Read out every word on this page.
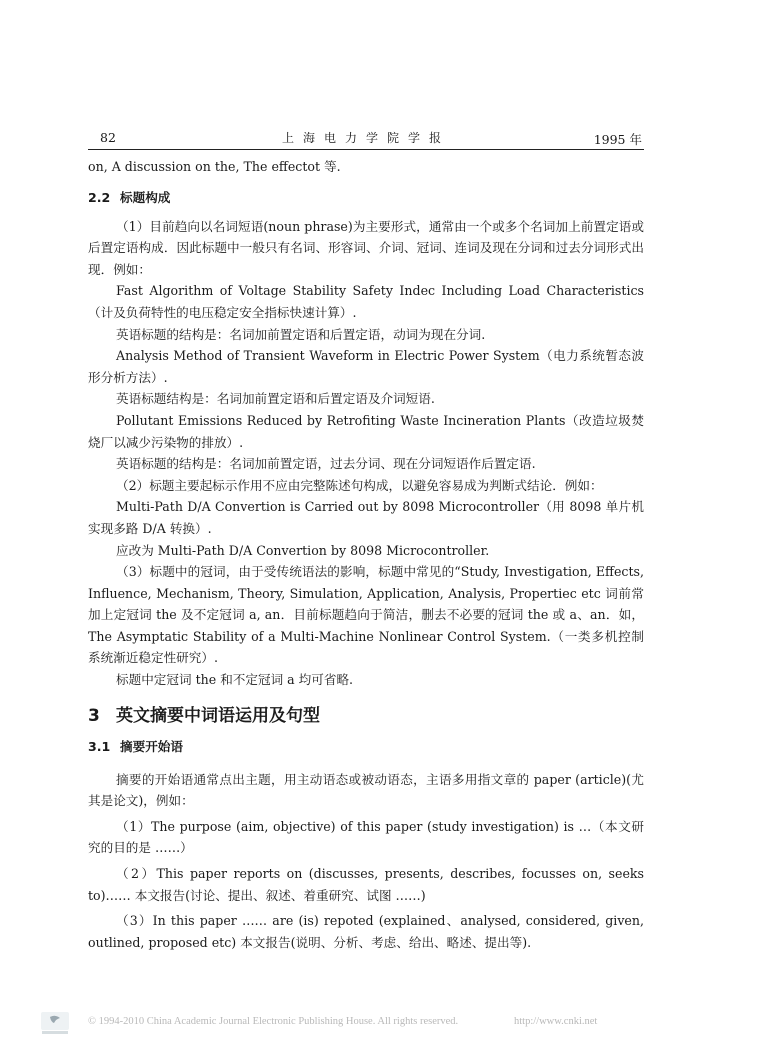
82	上海电力学院学报	1995 年

on, A discussion on the, The effectot 等.

2.2 标题构成

（1）目前趋向以名词短语(noun phrase)为主要形式，通常由一个或多个名词加上前置定语或后置定语构成．因此标题中一般只有名词、形容词、介词、冠词、连词及现在分词和过去分词形式出现．例如：

Fast Algorithm of Voltage Stability Safety Indec Including Load Characteristics（计及负荷特性的电压稳定安全指标快速计算）.

英语标题的结构是：名词加前置定语和后置定语，动词为现在分词.

Analysis Method of Transient Waveform in Electric Power System（电力系统暂态波形分析方法）.

英语标题结构是：名词加前置定语和后置定语及介词短语.

Pollutant Emissions Reduced by Retrofiting Waste Incineration Plants（改造垃圾焚烧厂以减少污染物的排放）.

英语标题的结构是：名词加前置定语，过去分词、现在分词短语作后置定语.

（2）标题主要起标示作用不应由完整陈述句构成，以避免容易成为判断式结论．例如：

Multi-Path D/A Convertion is Carried out by 8098 Microcontroller（用 8098 单片机实现多路 D/A 转换）.

应改为 Multi-Path D/A Convertion by 8098 Microcontroller.

（3）标题中的冠词，由于受传统语法的影响，标题中常见的“Study, Investigation, Effects, Influence, Mechanism, Theory, Simulation, Application, Analysis, Propertiec etc 词前常加上定冠词 the 及不定冠词 a, an．目前标题趋向于简洁，删去不必要的冠词 the 或 a、an．如，The Asymptatic Stability of a Multi-Machine Nonlinear Control System.（一类多机控制系统渐近稳定性研究）.

标题中定冠词 the 和不定冠词 a 均可省略.

3 英文摘要中词语运用及句型
3.1 摘要开始语

摘要的开始语通常点出主题，用主动语态或被动语态，主语多用指文章的 paper (article)(尤其是论文)，例如：

（1）The purpose (aim, objective) of this paper (study investigation) is …（本文研究的目的是 ……）

（2）This paper reports on (discusses, presents, describes, focusses on, seeks to)…… 本文报告(讨论、提出、叙述、着重研究、试图 ……)

（3）In this paper …… are (is) repoted (explained、analysed, considered, given, outlined, proposed etc) 本文报告(说明、分析、考虑、给出、略述、提出等).

© 1994-2010 China Academic Journal Electronic Publishing House. All rights reserved.	http://www.cnki.net
